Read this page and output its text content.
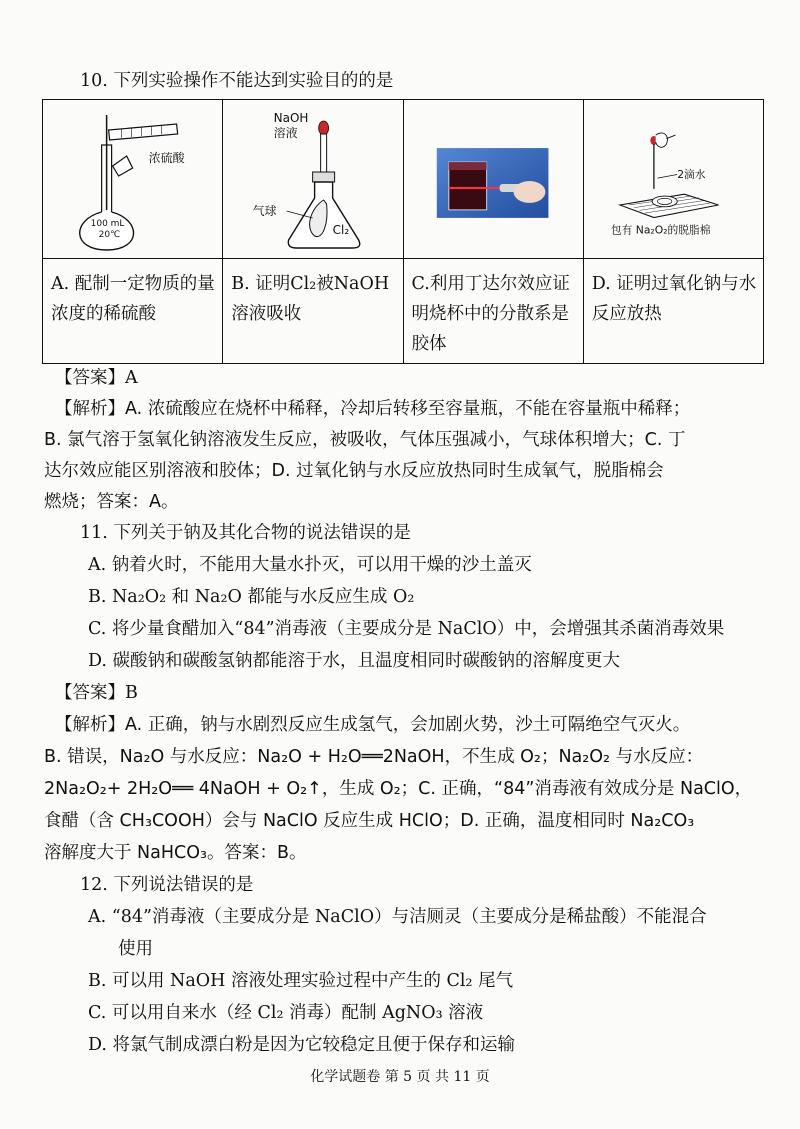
10. 下列实验操作不能达到实验目的的是
浓硫酸
100 mL
20℃	NaOH
溶液
气球
Cl₂		2滴水
包有 Na₂O₂的脱脂棉

A. 配制一定物质的量浓度的稀硫酸	B. 证明Cl₂被NaOH溶液吸收	C.利用丁达尔效应证明烧杯中的分散系是胶体	D. 证明过氧化钠与水反应放热
【答案】A
【解析】A. 浓硫酸应在烧杯中稀释，冷却后转移至容量瓶，不能在容量瓶中稀释；
B. 氯气溶于氢氧化钠溶液发生反应，被吸收，气体压强减小，气球体积增大；C. 丁
达尔效应能区别溶液和胶体；D. 过氧化钠与水反应放热同时生成氧气，脱脂棉会
燃烧；答案：A。
11. 下列关于钠及其化合物的说法错误的是
A. 钠着火时，不能用大量水扑灭，可以用干燥的沙土盖灭
B. Na₂O₂ 和 Na₂O 都能与水反应生成 O₂
C. 将少量食醋加入“84”消毒液（主要成分是 NaClO）中，会增强其杀菌消毒效果
D. 碳酸钠和碳酸氢钠都能溶于水，且温度相同时碳酸钠的溶解度更大
【答案】B
【解析】A. 正确，钠与水剧烈反应生成氢气，会加剧火势，沙土可隔绝空气灭火。
B. 错误，Na₂O 与水反应：Na₂O + H₂O══2NaOH，不生成 O₂；Na₂O₂ 与水反应：
2Na₂O₂+ 2H₂O══ 4NaOH + O₂↑，生成 O₂；C. 正确，“84”消毒液有效成分是 NaClO，
食醋（含 CH₃COOH）会与 NaClO 反应生成 HClO；D. 正确，温度相同时 Na₂CO₃
溶解度大于 NaHCO₃。答案：B。
12. 下列说法错误的是
A. “84”消毒液（主要成分是 NaClO）与洁厕灵（主要成分是稀盐酸）不能混合
使用
B. 可以用 NaOH 溶液处理实验过程中产生的 Cl₂ 尾气
C. 可以用自来水（经 Cl₂ 消毒）配制 AgNO₃ 溶液
D. 将氯气制成漂白粉是因为它较稳定且便于保存和运输
化学试题卷 第 5 页 共 11 页
